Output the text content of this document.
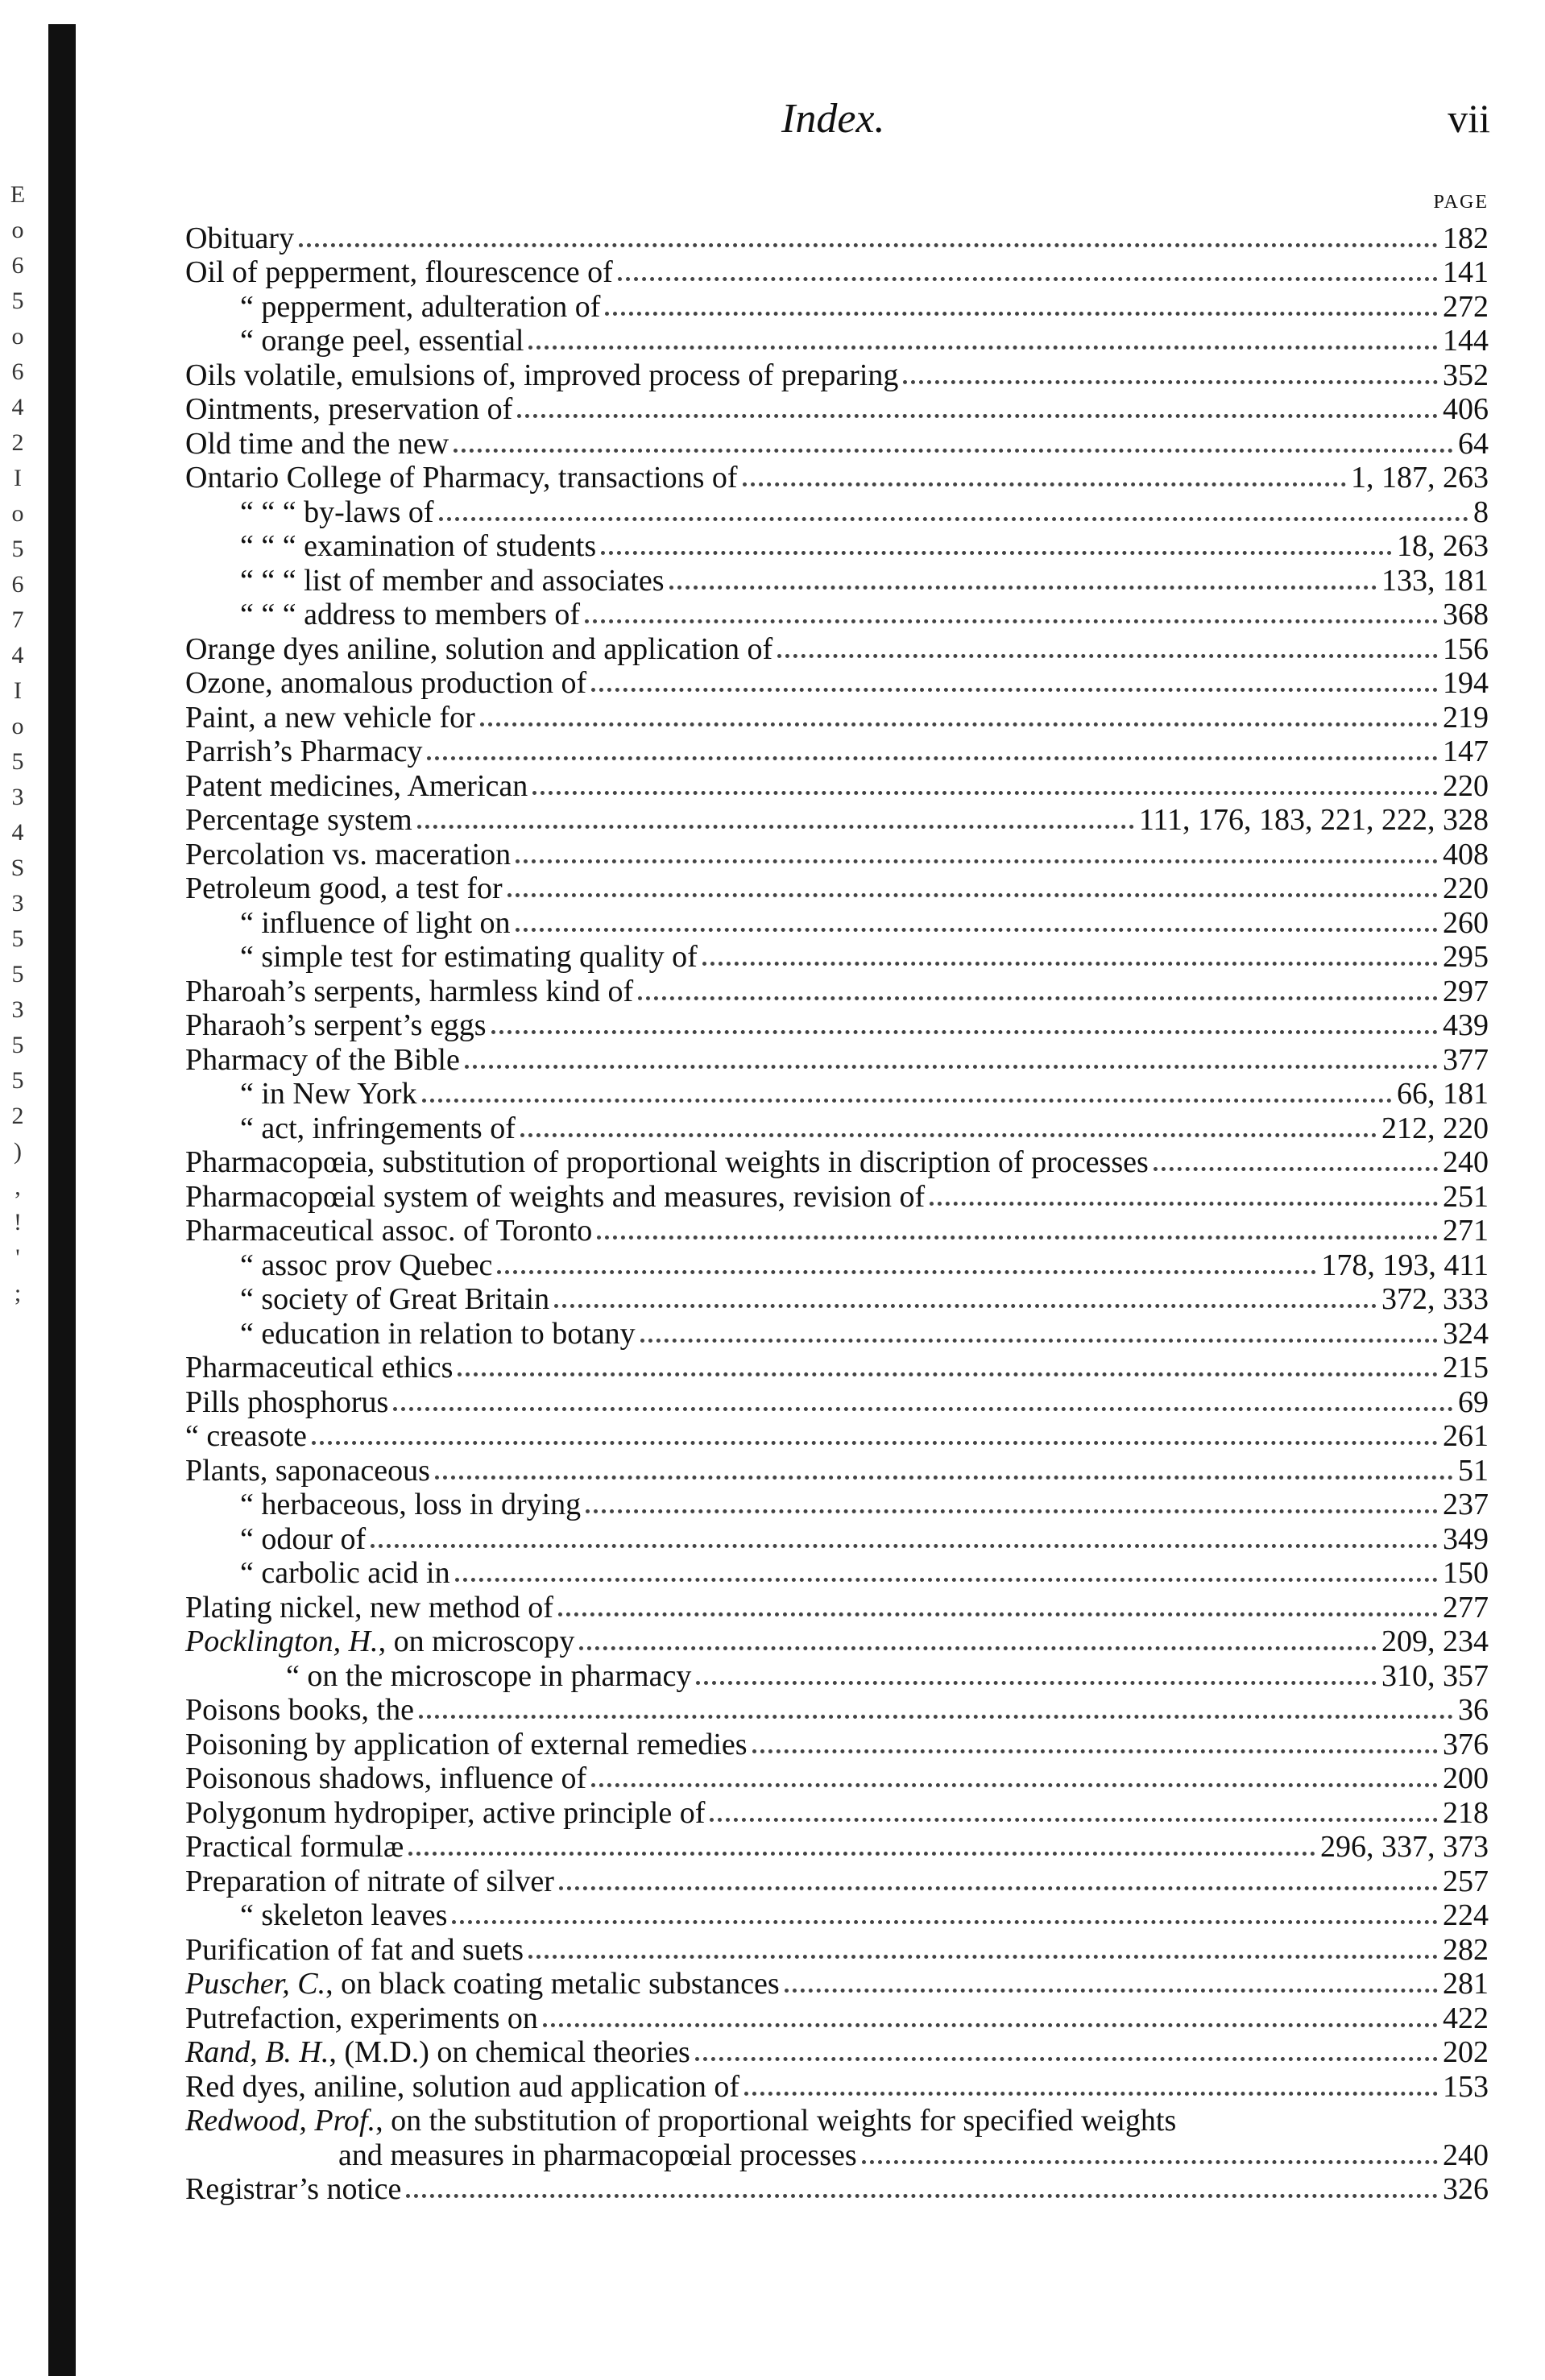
E
o
6
5
o
6
4
2
I
o
5
6
7
4
I
o
5
3
4
S
3
5
5
3
5
5
2
)
,
!
'
;
Index.	vii
PAGE
Obituary	182
Oil of pepperment, flourescence of	141
“ pepperment, adulteration of	272
“ orange peel, essential	144
Oils volatile, emulsions of, improved process of preparing	352
Ointments, preservation of	406
Old time and the new	64
Ontario College of Pharmacy, transactions of	1, 187, 263
“ “ “ by-laws of	8
“ “ “ examination of students	18, 263
“ “ “ list of member and associates	133, 181
“ “ “ address to members of	368
Orange dyes aniline, solution and application of	156
Ozone, anomalous production of	194
Paint, a new vehicle for	219
Parrish’s Pharmacy	147
Patent medicines, American	220
Percentage system	111, 176, 183, 221, 222, 328
Percolation vs. maceration	408
Petroleum good, a test for	220
“ influence of light on	260
“ simple test for estimating quality of	295
Pharoah’s serpents, harmless kind of	297
Pharaoh’s serpent’s eggs	439
Pharmacy of the Bible	377
“ in New York	66, 181
“ act, infringements of	212, 220
Pharmacopœia, substitution of proportional weights in discription of processes	240
Pharmacopœial system of weights and measures, revision of	251
Pharmaceutical assoc. of Toronto	271
“ assoc prov Quebec	178, 193, 411
“ society of Great Britain	372, 333
“ education in relation to botany	324
Pharmaceutical ethics	215
Pills phosphorus	69
“ creasote	261
Plants, saponaceous	51
“ herbaceous, loss in drying	237
“ odour of	349
“ carbolic acid in	150
Plating nickel, new method of	277
Pocklington, H., on microscopy	209, 234
“ on the microscope in pharmacy	310, 357
Poisons books, the	36
Poisoning by application of external remedies	376
Poisonous shadows, influence of	200
Polygonum hydropiper, active principle of	218
Practical formulæ	296, 337, 373
Preparation of nitrate of silver	257
“ skeleton leaves	224
Purification of fat and suets	282
Puscher, C., on black coating metalic substances	281
Putrefaction, experiments on	422
Rand, B. H., (M.D.) on chemical theories	202
Red dyes, aniline, solution aud application of	153
Redwood, Prof., on the substitution of proportional weights for specified weights
and measures in pharmacopœial processes	240
Registrar’s notice	326
